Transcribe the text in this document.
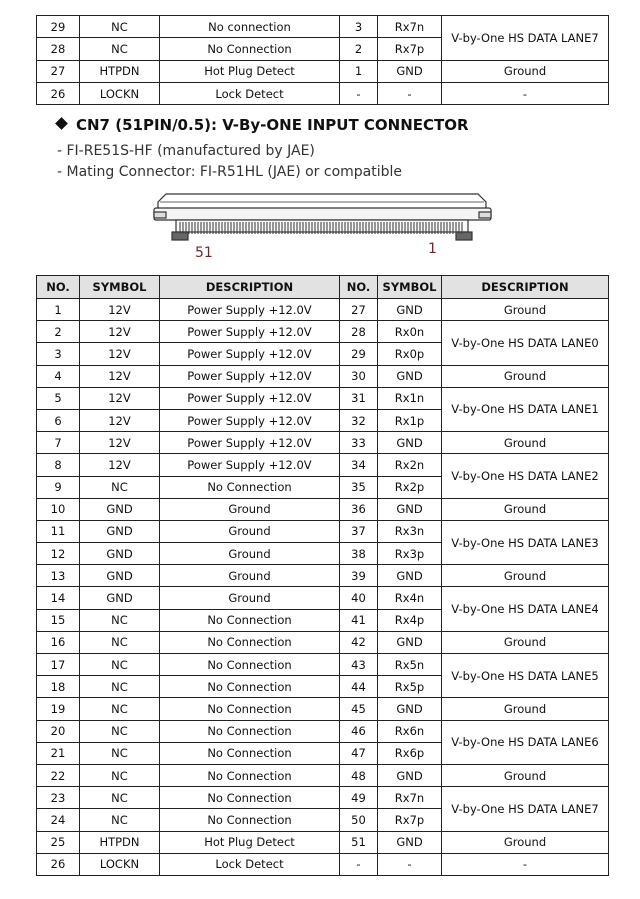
29	NC	No connection	3	Rx7n	V-by-One HS DATA LANE7
28	NC	No Connection	2	Rx7p	
27	HTPDN	Hot Plug Detect	1	GND	Ground
26	LOCKN	Lock Detect	-	-	-
CN7 (51PIN/0.5): V-By-ONE INPUT CONNECTOR
- FI-RE51S-HF (manufactured by JAE)
- Mating Connector: FI-R51HL (JAE) or compatible
51	1
NO.	SYMBOL	DESCRIPTION	NO.	SYMBOL	DESCRIPTION
1	12V	Power Supply +12.0V	27	GND	Ground
2	12V	Power Supply +12.0V	28	Rx0n	V-by-One HS DATA LANE0
3	12V	Power Supply +12.0V	29	Rx0p	
4	12V	Power Supply +12.0V	30	GND	Ground
5	12V	Power Supply +12.0V	31	Rx1n	V-by-One HS DATA LANE1
6	12V	Power Supply +12.0V	32	Rx1p	
7	12V	Power Supply +12.0V	33	GND	Ground
8	12V	Power Supply +12.0V	34	Rx2n	V-by-One HS DATA LANE2
9	NC	No Connection	35	Rx2p	
10	GND	Ground	36	GND	Ground
11	GND	Ground	37	Rx3n	V-by-One HS DATA LANE3
12	GND	Ground	38	Rx3p	
13	GND	Ground	39	GND	Ground
14	GND	Ground	40	Rx4n	V-by-One HS DATA LANE4
15	NC	No Connection	41	Rx4p	
16	NC	No Connection	42	GND	Ground
17	NC	No Connection	43	Rx5n	V-by-One HS DATA LANE5
18	NC	No Connection	44	Rx5p	
19	NC	No Connection	45	GND	Ground
20	NC	No Connection	46	Rx6n	V-by-One HS DATA LANE6
21	NC	No Connection	47	Rx6p	
22	NC	No Connection	48	GND	Ground
23	NC	No Connection	49	Rx7n	V-by-One HS DATA LANE7
24	NC	No Connection	50	Rx7p	
25	HTPDN	Hot Plug Detect	51	GND	Ground
26	LOCKN	Lock Detect	-	-	-
